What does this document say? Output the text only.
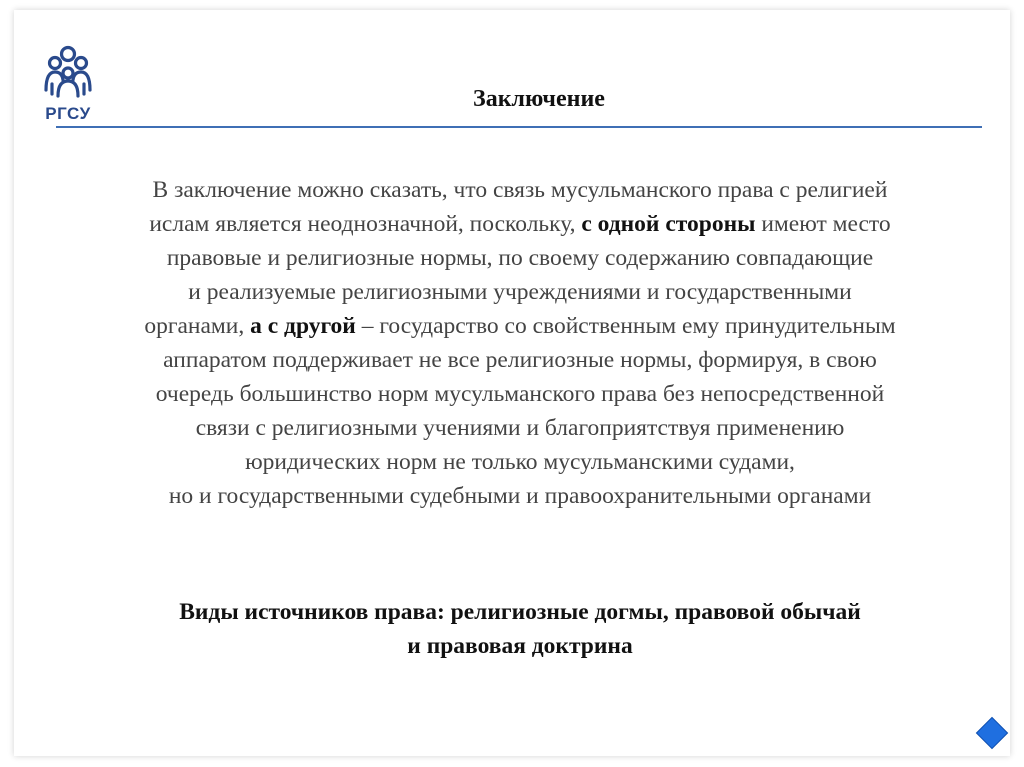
РГСУ
Заключение
В заключение можно сказать, что связь мусульманского права с религией
ислам является неоднозначной, поскольку, с одной стороны имеют место
правовые и религиозные нормы, по своему содержанию совпадающие
и реализуемые религиозными учреждениями и государственными
органами, а с другой – государство со свойственным ему принудительным
аппаратом поддерживает не все религиозные нормы, формируя, в свою
очередь большинство норм мусульманского права без непосредственной
связи с религиозными учениями и благоприятствуя применению
юридических норм не только мусульманскими судами,
но и государственными судебными и правоохранительными органами
Виды источников права: религиозные догмы, правовой обычай
и правовая доктрина
